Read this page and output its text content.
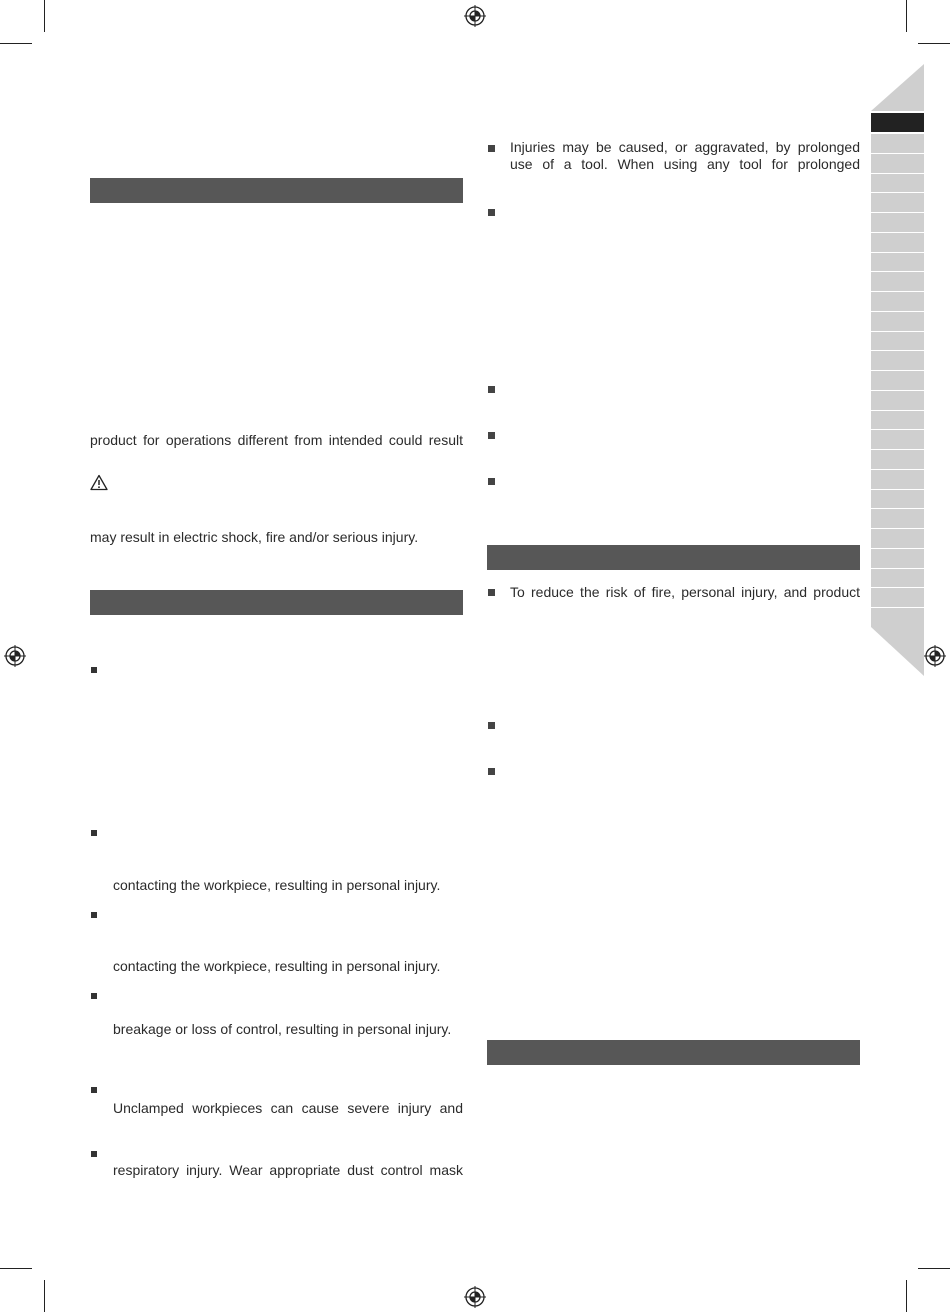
product for operations different from intended could result
may result in electric shock, fire and/or serious injury.
contacting the workpiece, resulting in personal injury.
contacting the workpiece, resulting in personal injury.
breakage or loss of control, resulting in personal injury.
Unclamped workpieces can cause severe injury and
respiratory injury. Wear appropriate dust control mask
Injuries may be caused, or aggravated, by prolonged
use of a tool. When using any tool for prolonged
To reduce the risk of fire, personal injury, and product
